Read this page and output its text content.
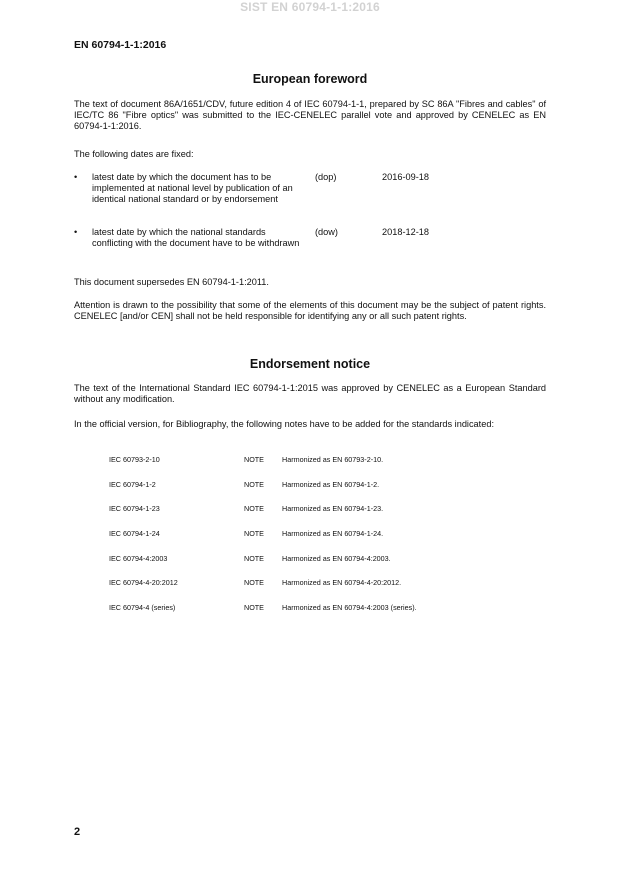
SIST EN 60794-1-1:2016
EN 60794-1-1:2016
European foreword

The text of document 86A/1651/CDV, future edition 4 of IEC 60794-1-1, prepared by SC 86A "Fibres and cables" of IEC/TC 86 "Fibre optics" was submitted to the IEC-CENELEC parallel vote and approved by CENELEC as EN 60794-1-1:2016.

The following dates are fixed:

• latest date by which the document has to be implemented at national level by publication of an identical national standard or by endorsement
(dop)	2016-09-18
• latest date by which the national standards conflicting with the document have to be withdrawn
(dow)	2018-12-18

This document supersedes EN 60794-1-1:2011.

Attention is drawn to the possibility that some of the elements of this document may be the subject of patent rights. CENELEC [and/or CEN] shall not be held responsible for identifying any or all such patent rights.

Endorsement notice

The text of the International Standard IEC 60794-1-1:2015 was approved by CENELEC as a European Standard without any modification.

In the official version, for Bibliography, the following notes have to be added for the standards indicated:

IEC 60793-2-10	NOTE	Harmonized as EN 60793-2-10.
IEC 60794-1-2	NOTE	Harmonized as EN 60794-1-2.
IEC 60794-1-23	NOTE	Harmonized as EN 60794-1-23.
IEC 60794-1-24	NOTE	Harmonized as EN 60794-1-24.
IEC 60794-4:2003	NOTE	Harmonized as EN 60794-4:2003.
IEC 60794-4-20:2012	NOTE	Harmonized as EN 60794-4-20:2012.
IEC 60794-4 (series)	NOTE	Harmonized as EN 60794-4:2003 (series).
2
